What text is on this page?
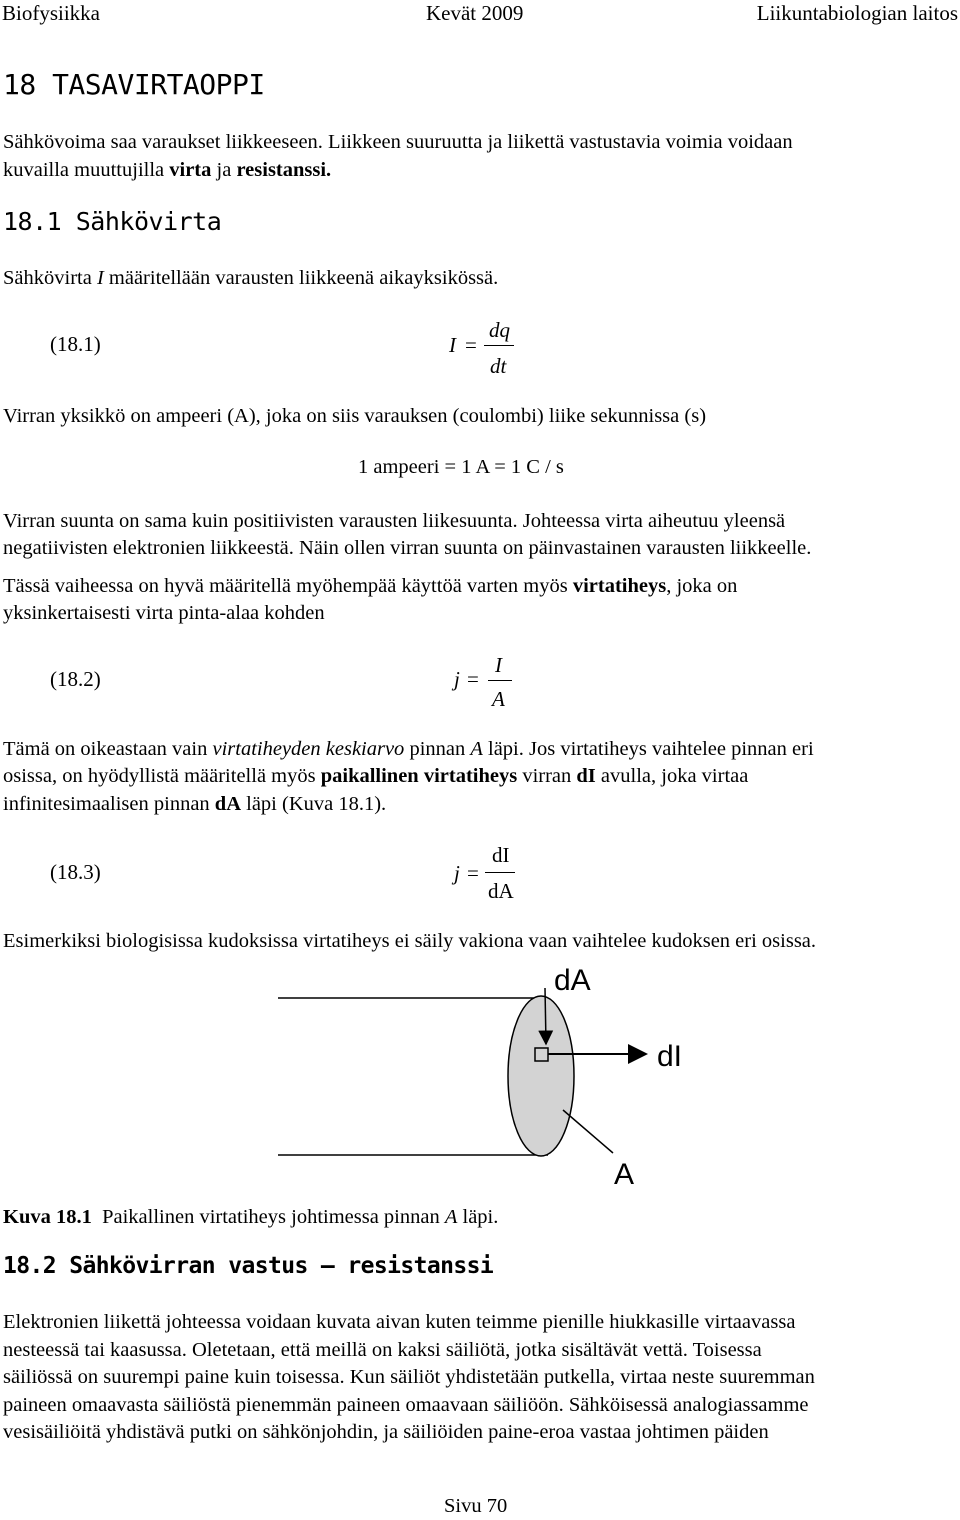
Biofysiikka	Kevät 2009	Liikuntabiologian laitos
18 TASAVIRTAOPPI
Sähkövoima saa varaukset liikkeeseen. Liikkeen suuruutta ja liikettä vastustavia voimia voidaan
kuvailla muuttujilla virta ja resistanssi.
18.1 Sähkövirta
Sähkövirta I määritellään varausten liikkeenä aikayksikössä.
(18.1)	I =
dq
dt
Virran yksikkö on ampeeri (A), joka on siis varauksen (coulombi) liike sekunnissa (s)
1 ampeeri = 1 A = 1 C / s
Virran suunta on sama kuin positiivisten varausten liikesuunta. Johteessa virta aiheutuu yleensä
negatiivisten elektronien liikkeestä. Näin ollen virran suunta on päinvastainen varausten liikkeelle.
Tässä vaiheessa on hyvä määritellä myöhempää käyttöä varten myös virtatiheys, joka on
yksinkertaisesti virta pinta-alaa kohden
(18.2)	j =
I
A
Tämä on oikeastaan vain virtatiheyden keskiarvo pinnan A läpi. Jos virtatiheys vaihtelee pinnan eri
osissa, on hyödyllistä määritellä myös paikallinen virtatiheys virran dI avulla, joka virtaa
infinitesimaalisen pinnan dA läpi (Kuva 18.1).
(18.3)	j =
dI
dA
Esimerkiksi biologisissa kudoksissa virtatiheys ei säily vakiona vaan vaihtelee kudoksen eri osissa.
dA
dI
A
Kuva 18.1  Paikallinen virtatiheys johtimessa pinnan A läpi.
18.2 Sähkövirran vastus – resistanssi
Elektronien liikettä johteessa voidaan kuvata aivan kuten teimme pienille hiukkasille virtaavassa
nesteessä tai kaasussa. Oletetaan, että meillä on kaksi säiliötä, jotka sisältävät vettä. Toisessa
säiliössä on suurempi paine kuin toisessa. Kun säiliöt yhdistetään putkella, virtaa neste suuremman
paineen omaavasta säiliöstä pienemmän paineen omaavaan säiliöön. Sähköisessä analogiassamme
vesisäiliöitä yhdistävä putki on sähkönjohdin, ja säiliöiden paine-eroa vastaa johtimen päiden
Sivu 70
